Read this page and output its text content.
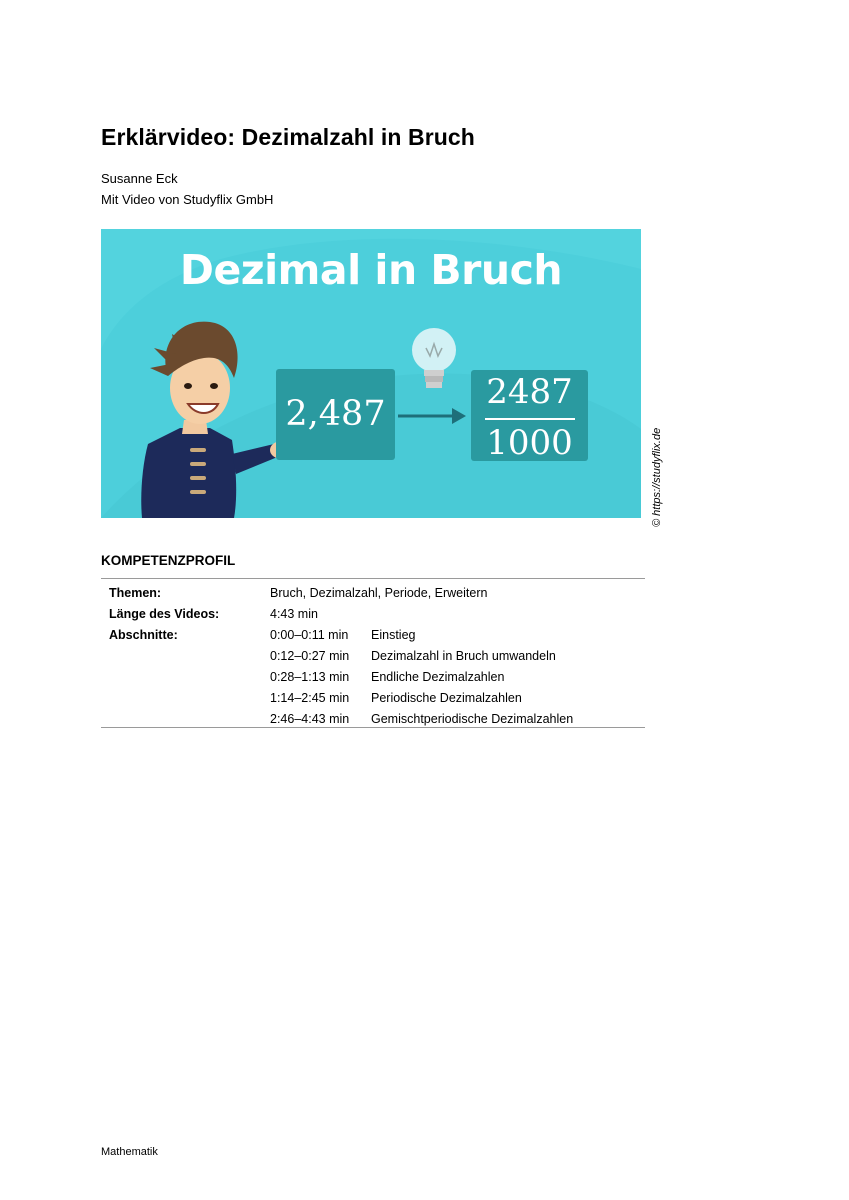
Erklärvideo: Dezimalzahl in Bruch
Susanne Eck
Mit Video von Studyflix GmbH
Dezimal in Bruch
2,487
2487
1000	© https://studyflix.de
KOMPETENZPROFIL
Themen:	Bruch, Dezimalzahl, Periode, Erweitern
Länge des Videos:	4:43 min
Abschnitte:	0:00–0:11 min Einstieg
0:12–0:27 min Dezimalzahl in Bruch umwandeln
0:28–1:13 min Endliche Dezimalzahlen
1:14–2:45 min Periodische Dezimalzahlen
2:46–4:43 min Gemischtperiodische Dezimalzahlen
Mathematik
